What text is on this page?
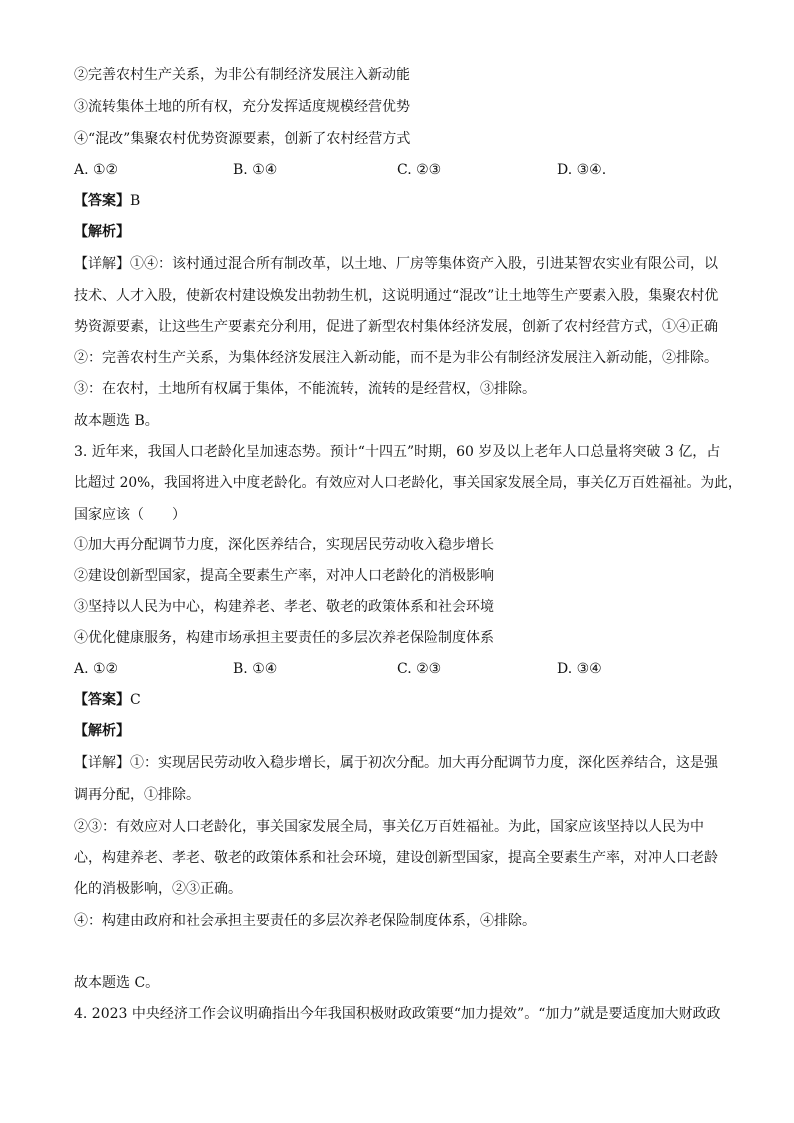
②完善农村生产关系，为非公有制经济发展注入新动能
③流转集体土地的所有权，充分发挥适度规模经营优势
④“混改”集聚农村优势资源要素，创新了农村经营方式
A. ①②	B. ①④	C. ②③	D. ③④.
【答案】B
【解析】
【详解】①④：该村通过混合所有制改革，以土地、厂房等集体资产入股，引进某智农实业有限公司，以
技术、人才入股，使新农村建设焕发出勃勃生机，这说明通过“混改”让土地等生产要素入股，集聚农村优
势资源要素，让这些生产要素充分利用，促进了新型农村集体经济发展，创新了农村经营方式，①④正确
②：完善农村生产关系，为集体经济发展注入新动能，而不是为非公有制经济发展注入新动能，②排除。
③：在农村，土地所有权属于集体，不能流转，流转的是经营权，③排除。
故本题选 B。
3. 近年来，我国人口老龄化呈加速态势。预计“十四五”时期，60 岁及以上老年人口总量将突破 3 亿，占
比超过 20%，我国将进入中度老龄化。有效应对人口老龄化，事关国家发展全局，事关亿万百姓福祉。为此，
国家应该（　　）
①加大再分配调节力度，深化医养结合，实现居民劳动收入稳步增长
②建设创新型国家，提高全要素生产率，对冲人口老龄化的消极影响
③坚持以人民为中心，构建养老、孝老、敬老的政策体系和社会环境
④优化健康服务，构建市场承担主要责任的多层次养老保险制度体系
A. ①②	B. ①④	C. ②③	D. ③④
【答案】C
【解析】
【详解】①：实现居民劳动收入稳步增长，属于初次分配。加大再分配调节力度，深化医养结合，这是强
调再分配，①排除。
②③：有效应对人口老龄化，事关国家发展全局，事关亿万百姓福祉。为此，国家应该坚持以人民为中
心，构建养老、孝老、敬老的政策体系和社会环境，建设创新型国家，提高全要素生产率，对冲人口老龄
化的消极影响，②③正确。
④：构建由政府和社会承担主要责任的多层次养老保险制度体系，④排除。
故本题选 C。
4. 2023 中央经济工作会议明确指出今年我国积极财政政策要“加力提效”。“加力”就是要适度加大财政政
